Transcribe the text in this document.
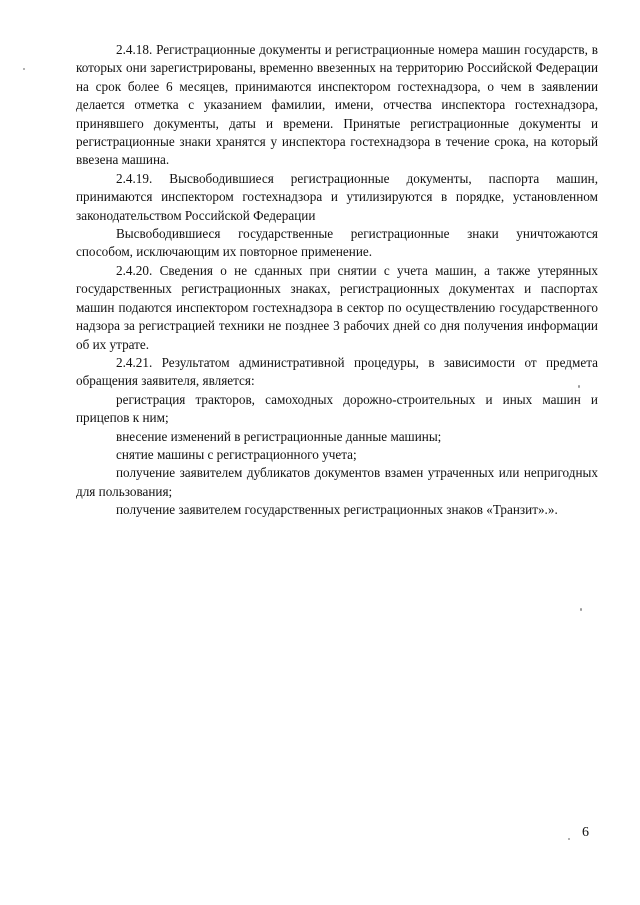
2.4.18. Регистрационные документы и регистрационные номера машин государств, в которых они зарегистрированы, временно ввезенных на территорию Российской Федерации на срок более 6 месяцев, принимаются инспектором гостехнадзора, о чем в заявлении делается отметка с указанием фамилии, имени, отчества инспектора гостехнадзора, принявшего документы, даты и времени. Принятые регистрационные документы и регистрационные знаки хранятся у инспектора гостехнадзора в течение срока, на который ввезена машина.

2.4.19. Высвободившиеся регистрационные документы, паспорта машин, принимаются инспектором гостехнадзора и утилизируются в порядке, установленном законодательством Российской Федерации

Высвободившиеся государственные регистрационные знаки уничтожаются способом, исключающим их повторное применение.

2.4.20. Сведения о не сданных при снятии с учета машин, а также утерянных государственных регистрационных знаках, регистрационных документах и паспортах машин подаются инспектором гостехнадзора в сектор по осуществлению государственного надзора за регистрацией техники не позднее 3 рабочих дней со дня получения информации об их утрате.

2.4.21. Результатом административной процедуры, в зависимости от предмета обращения заявителя, является:

регистрация тракторов, самоходных дорожно-строительных и иных машин и прицепов к ним;

внесение изменений в регистрационные данные машины;

снятие машины с регистрационного учета;

получение заявителем дубликатов документов взамен утраченных или непригодных для пользования;

получение заявителем государственных регистрационных знаков «Транзит».».

6
